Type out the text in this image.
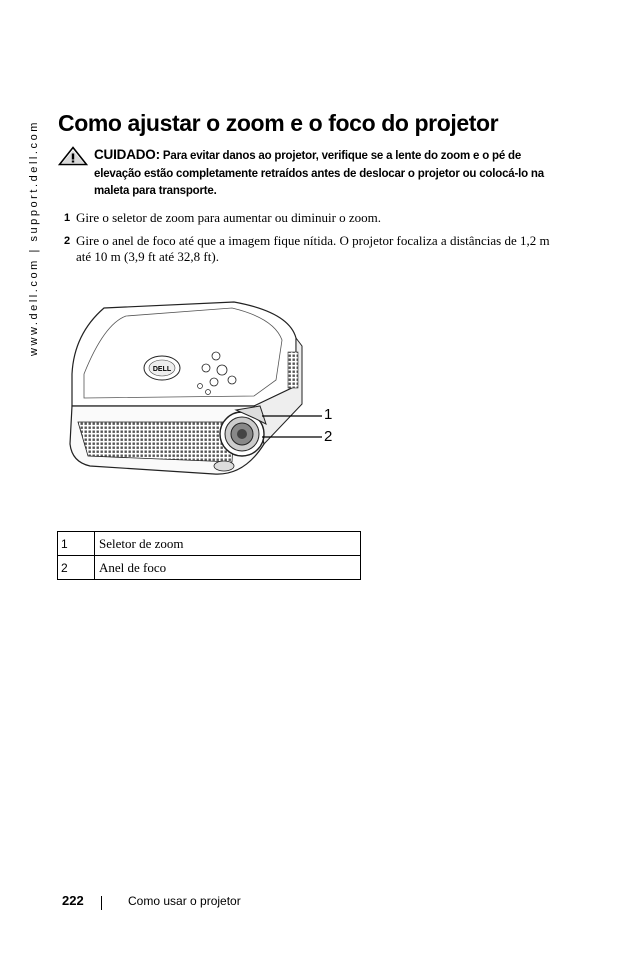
www.dell.com | support.dell.com Como ajustar o zoom e o foco do projetor

CUIDADO: Para evitar danos ao projetor, verifique se a lente do zoom e o pé de elevação estão completamente retraídos antes de deslocar o projetor ou colocá-lo na maleta para transporte.

1 Gire o seletor de zoom para aumentar ou diminuir o zoom.
2 Gire o anel de foco até que a imagem fique nítida. O projetor focaliza a distâncias de 1,2 m até 10 m (3,9 ft até 32,8 ft).
DELL
1
2
1	Seletor de zoom
2	Anel de foco
222	Como usar o projetor
